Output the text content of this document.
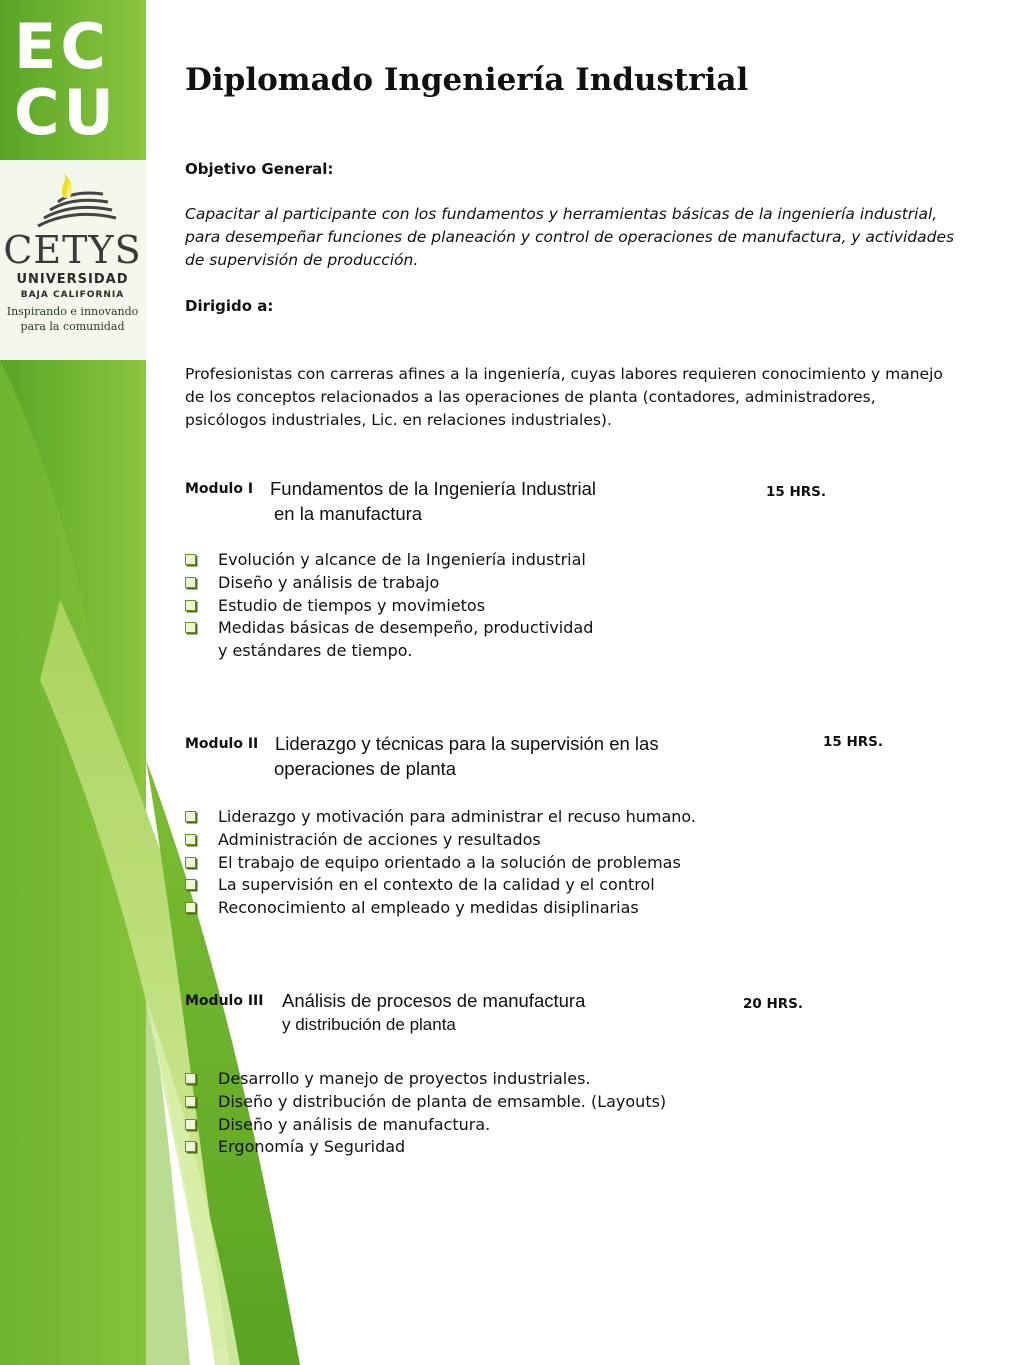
EC
CU
CETYS
UNIVERSIDAD
BAJA CALIFORNIA
Inspirando e innovando
para la comunidad
Diplomado Ingeniería Industrial
Objetivo General:
Capacitar al participante con los fundamentos y herramientas básicas de la ingeniería industrial,
para desempeñar funciones de planeación y control de operaciones de manufactura, y actividades
de supervisión de producción.
Dirigido a:
Profesionistas con carreras afines a la ingeniería, cuyas labores requieren conocimiento y manejo
de los conceptos relacionados a las operaciones de planta (contadores, administradores,
psicólogos industriales, Lic. en relaciones industriales).
Modulo I Fundamentos de la Ingeniería Industrial
en la manufactura
15 HRS.
Evolución y alcance de la Ingeniería industrial
Diseño y análisis de trabajo
Estudio de tiempos y movimietos
Medidas básicas de desempeño, productividad
y estándares de tiempo.
Modulo II Liderazgo y técnicas para la supervisión en las
operaciones de planta
15 HRS.
Liderazgo y motivación para administrar el recuso humano.
Administración de acciones y resultados
El trabajo de equipo orientado a la solución de problemas
La supervisión en el contexto de la calidad y el control
Reconocimiento al empleado y medidas disiplinarias
Modulo III Análisis de procesos de manufactura
y distribución de planta
20 HRS.
Desarrollo y manejo de proyectos industriales.
Diseño y distribución de planta de emsamble. (Layouts)
Diseño y análisis de manufactura.
Ergonomía y Seguridad
